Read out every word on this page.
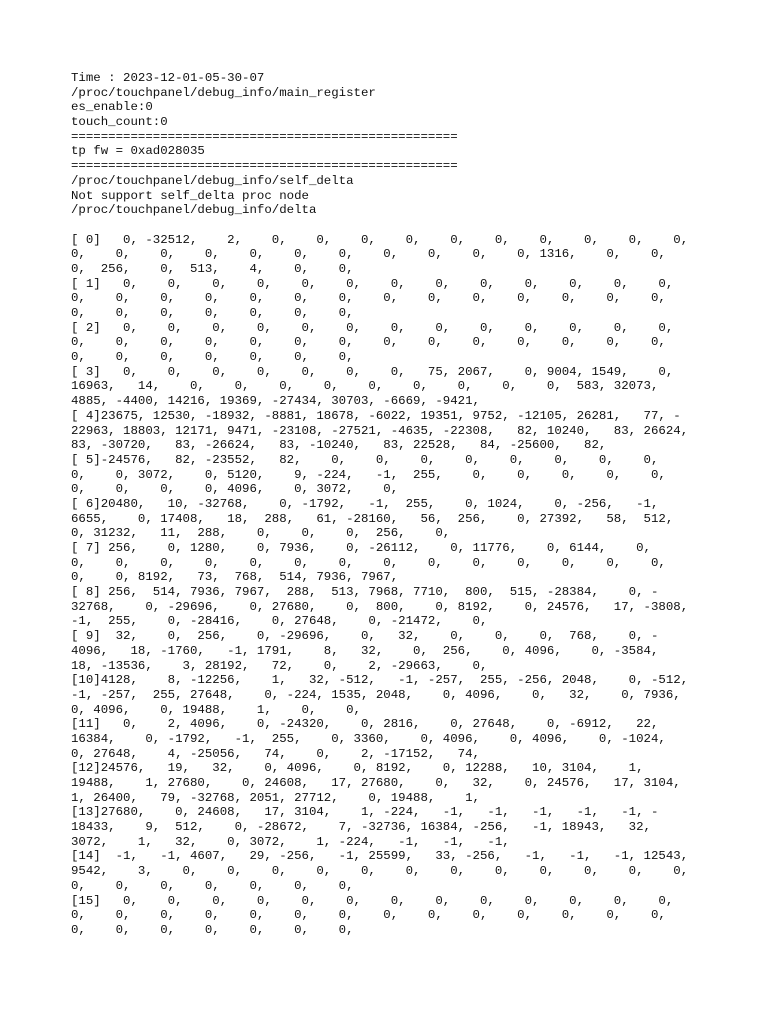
Time : 2023-12-01-05-30-07
/proc/touchpanel/debug_info/main_register
es_enable:0
touch_count:0
====================================================
tp fw = 0xad028035
====================================================
/proc/touchpanel/debug_info/self_delta
Not support self_delta proc node
/proc/touchpanel/debug_info/delta
[ 0]   0, -32512,    2,    0,    0,    0,    0,    0,    0,    0,    0,    0,    0,
0,    0,    0,    0,    0,    0,    0,    0,    0,    0,    0, 1316,    0,    0,
0,  256,    0,  513,    4,    0,    0,
[ 1]   0,    0,    0,    0,    0,    0,    0,    0,    0,    0,    0,    0,    0,
0,    0,    0,    0,    0,    0,    0,    0,    0,    0,    0,    0,    0,    0,
0,    0,    0,    0,    0,    0,    0,
[ 2]   0,    0,    0,    0,    0,    0,    0,    0,    0,    0,    0,    0,    0,
0,    0,    0,    0,    0,    0,    0,    0,    0,    0,    0,    0,    0,    0,
0,    0,    0,    0,    0,    0,    0,
[ 3]   0,    0,    0,    0,    0,    0,    0,   75, 2067,    0, 9004, 1549,    0,
16963,   14,    0,    0,    0,    0,    0,    0,    0,    0,    0,  583, 32073,
4885, -4400, 14216, 19369, -27434, 30703, -6669, -9421,
[ 4]23675, 12530, -18932, -8881, 18678, -6022, 19351, 9752, -12105, 26281,   77, -
22963, 18803, 12171, 9471, -23108, -27521, -4635, -22308,   82, 10240,   83, 26624,
83, -30720,   83, -26624,   83, -10240,   83, 22528,   84, -25600,   82,
[ 5]-24576,   82, -23552,   82,    0,    0,    0,    0,    0,    0,    0,    0,
0,    0, 3072,    0, 5120,    9, -224,   -1,  255,    0,    0,    0,    0,    0,
0,    0,    0,    0, 4096,    0, 3072,    0,
[ 6]20480,   10, -32768,    0, -1792,   -1,  255,    0, 1024,    0, -256,   -1,
6655,    0, 17408,   18,  288,   61, -28160,   56,  256,    0, 27392,   58,  512,
0, 31232,   11,  288,    0,    0,    0,  256,    0,
[ 7] 256,    0, 1280,    0, 7936,    0, -26112,    0, 11776,    0, 6144,    0,
0,    0,    0,    0,    0,    0,    0,    0,    0,    0,    0,    0,    0,    0,
0,    0, 8192,   73,  768,  514, 7936, 7967,
[ 8] 256,  514, 7936, 7967,  288,  513, 7968, 7710,  800,  515, -28384,    0, -
32768,    0, -29696,    0, 27680,    0,  800,    0, 8192,    0, 24576,   17, -3808,
-1,  255,    0, -28416,    0, 27648,    0, -21472,    0,
[ 9]  32,    0,  256,    0, -29696,    0,   32,    0,    0,    0,  768,    0, -
4096,   18, -1760,   -1, 1791,    8,   32,    0,  256,    0, 4096,    0, -3584,
18, -13536,    3, 28192,   72,    0,    2, -29663,    0,
[10]4128,    8, -12256,    1,   32, -512,   -1, -257,  255, -256, 2048,    0, -512,
-1, -257,  255, 27648,    0, -224, 1535, 2048,    0, 4096,    0,   32,    0, 7936,
0, 4096,    0, 19488,    1,    0,    0,
[11]   0,    2, 4096,    0, -24320,    0, 2816,    0, 27648,    0, -6912,   22,
16384,    0, -1792,   -1,  255,    0, 3360,    0, 4096,    0, 4096,    0, -1024,
0, 27648,    4, -25056,   74,    0,    2, -17152,   74,
[12]24576,   19,   32,    0, 4096,    0, 8192,    0, 12288,   10, 3104,    1,
19488,    1, 27680,    0, 24608,   17, 27680,    0,   32,    0, 24576,   17, 3104,
1, 26400,   79, -32768, 2051, 27712,    0, 19488,    1,
[13]27680,    0, 24608,   17, 3104,    1, -224,   -1,   -1,   -1,   -1,   -1, -
18433,    9,  512,    0, -28672,    7, -32736, 16384, -256,   -1, 18943,   32,
3072,    1,   32,    0, 3072,    1, -224,   -1,   -1,   -1,
[14]  -1,   -1, 4607,   29, -256,   -1, 25599,   33, -256,   -1,   -1,   -1, 12543,
9542,    3,    0,    0,    0,    0,    0,    0,    0,    0,    0,    0,    0,    0,
0,    0,    0,    0,    0,    0,    0,
[15]   0,    0,    0,    0,    0,    0,    0,    0,    0,    0,    0,    0,    0,
0,    0,    0,    0,    0,    0,    0,    0,    0,    0,    0,    0,    0,    0,
0,    0,    0,    0,    0,    0,    0,
